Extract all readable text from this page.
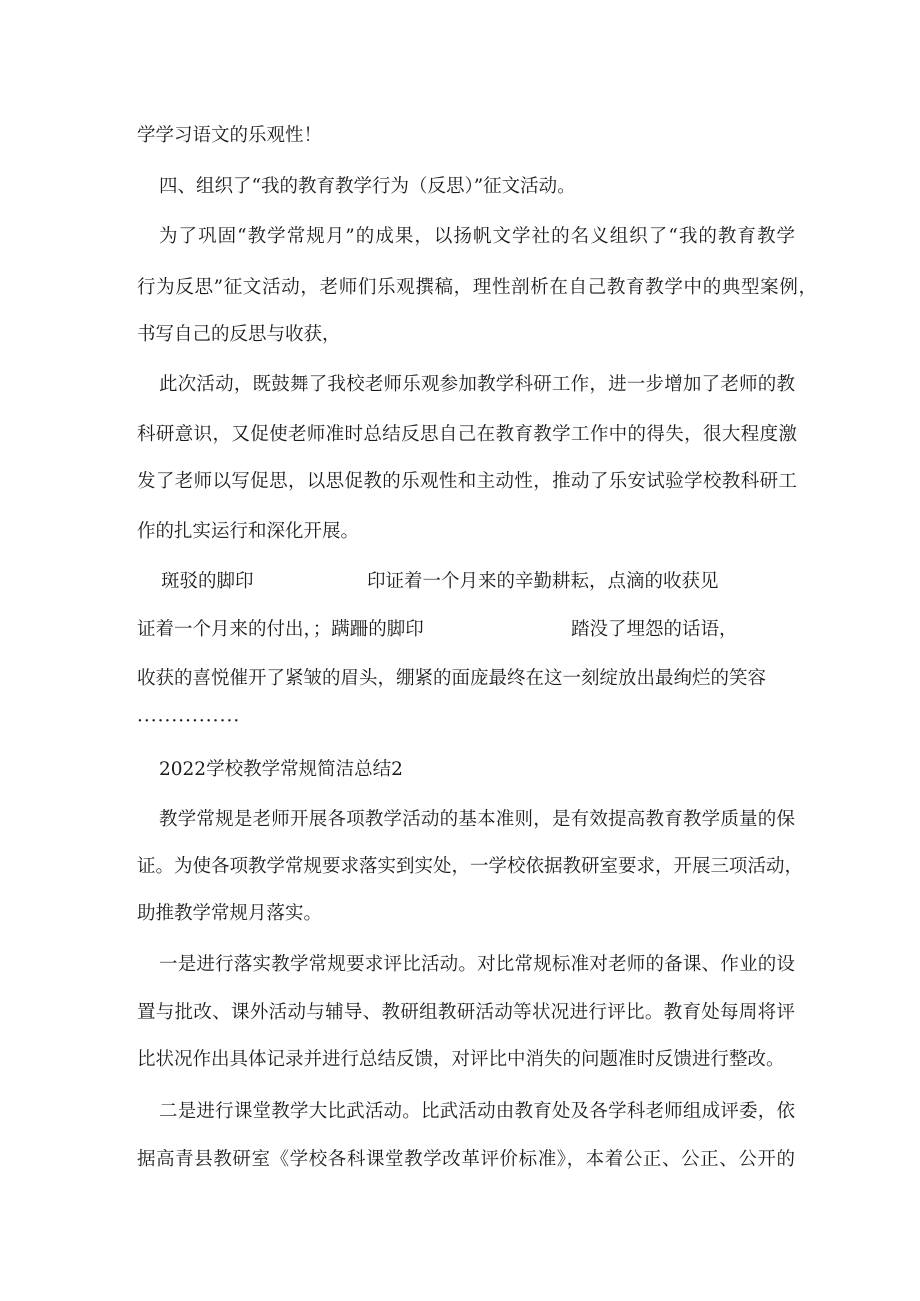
学学习语文的乐观性！
四、组织了“我的教育教学行为（反思）”征文活动。
为了巩固“教学常规月”的成果，以扬帆文学社的名义组织了“我的教育教学
行为反思”征文活动，老师们乐观撰稿，理性剖析在自己教育教学中的典型案例，
书写自己的反思与收获，
此次活动，既鼓舞了我校老师乐观参加教学科研工作，进一步增加了老师的教
科研意识，又促使老师准时总结反思自己在教育教学工作中的得失，很大程度激
发了老师以写促思，以思促教的乐观性和主动性，推动了乐安试验学校教科研工
作的扎实运行和深化开展。
斑驳的脚印	印证着一个月来的辛勤耕耘，点滴的收获见
证着一个月来的付出，；蹒跚的脚印	踏没了埋怨的话语，
收获的喜悦催开了紧皱的眉头，绷紧的面庞最终在这一刻绽放出最绚烂的笑容
···············
2022学校教学常规简洁总结2
教学常规是老师开展各项教学活动的基本准则，是有效提高教育教学质量的保
证。为使各项教学常规要求落实到实处，一学校依据教研室要求，开展三项活动，
助推教学常规月落实。
一是进行落实教学常规要求评比活动。对比常规标准对老师的备课、作业的设
置与批改、课外活动与辅导、教研组教研活动等状况进行评比。教育处每周将评
比状况作出具体记录并进行总结反馈，对评比中消失的问题准时反馈进行整改。
二是进行课堂教学大比武活动。比武活动由教育处及各学科老师组成评委，依
据高青县教研室《学校各科课堂教学改革评价标准》，本着公正、公正、公开的
